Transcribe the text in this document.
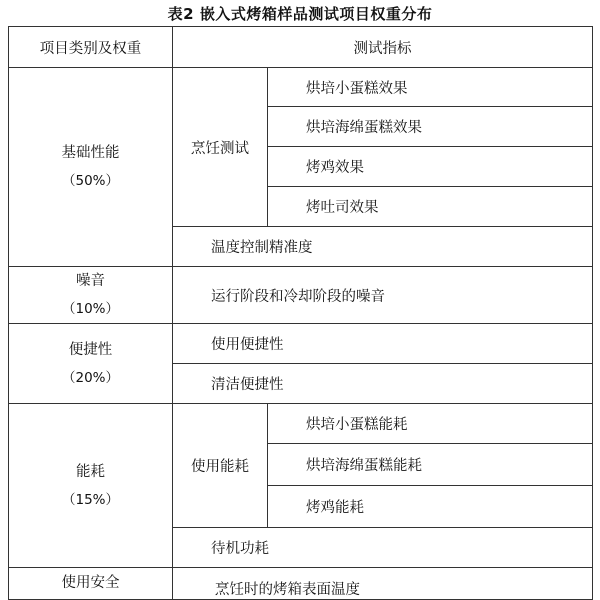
表2 嵌入式烤箱样品测试项目权重分布
项目类别及权重	测试指标	
基础性能
（50%）	烹饪测试	烘培小蛋糕效果
		烘培海绵蛋糕效果
		烤鸡效果
		烤吐司效果
	温度控制精准度	
噪音
（10%）	运行阶段和冷却阶段的噪音	
便捷性
（20%）	使用便捷性	
	清洁便捷性	
能耗
（15%）	使用能耗	烘培小蛋糕能耗
		烘培海绵蛋糕能耗
		烤鸡能耗
	待机功耗	

使用安全	烹饪时的烤箱表面温度	
